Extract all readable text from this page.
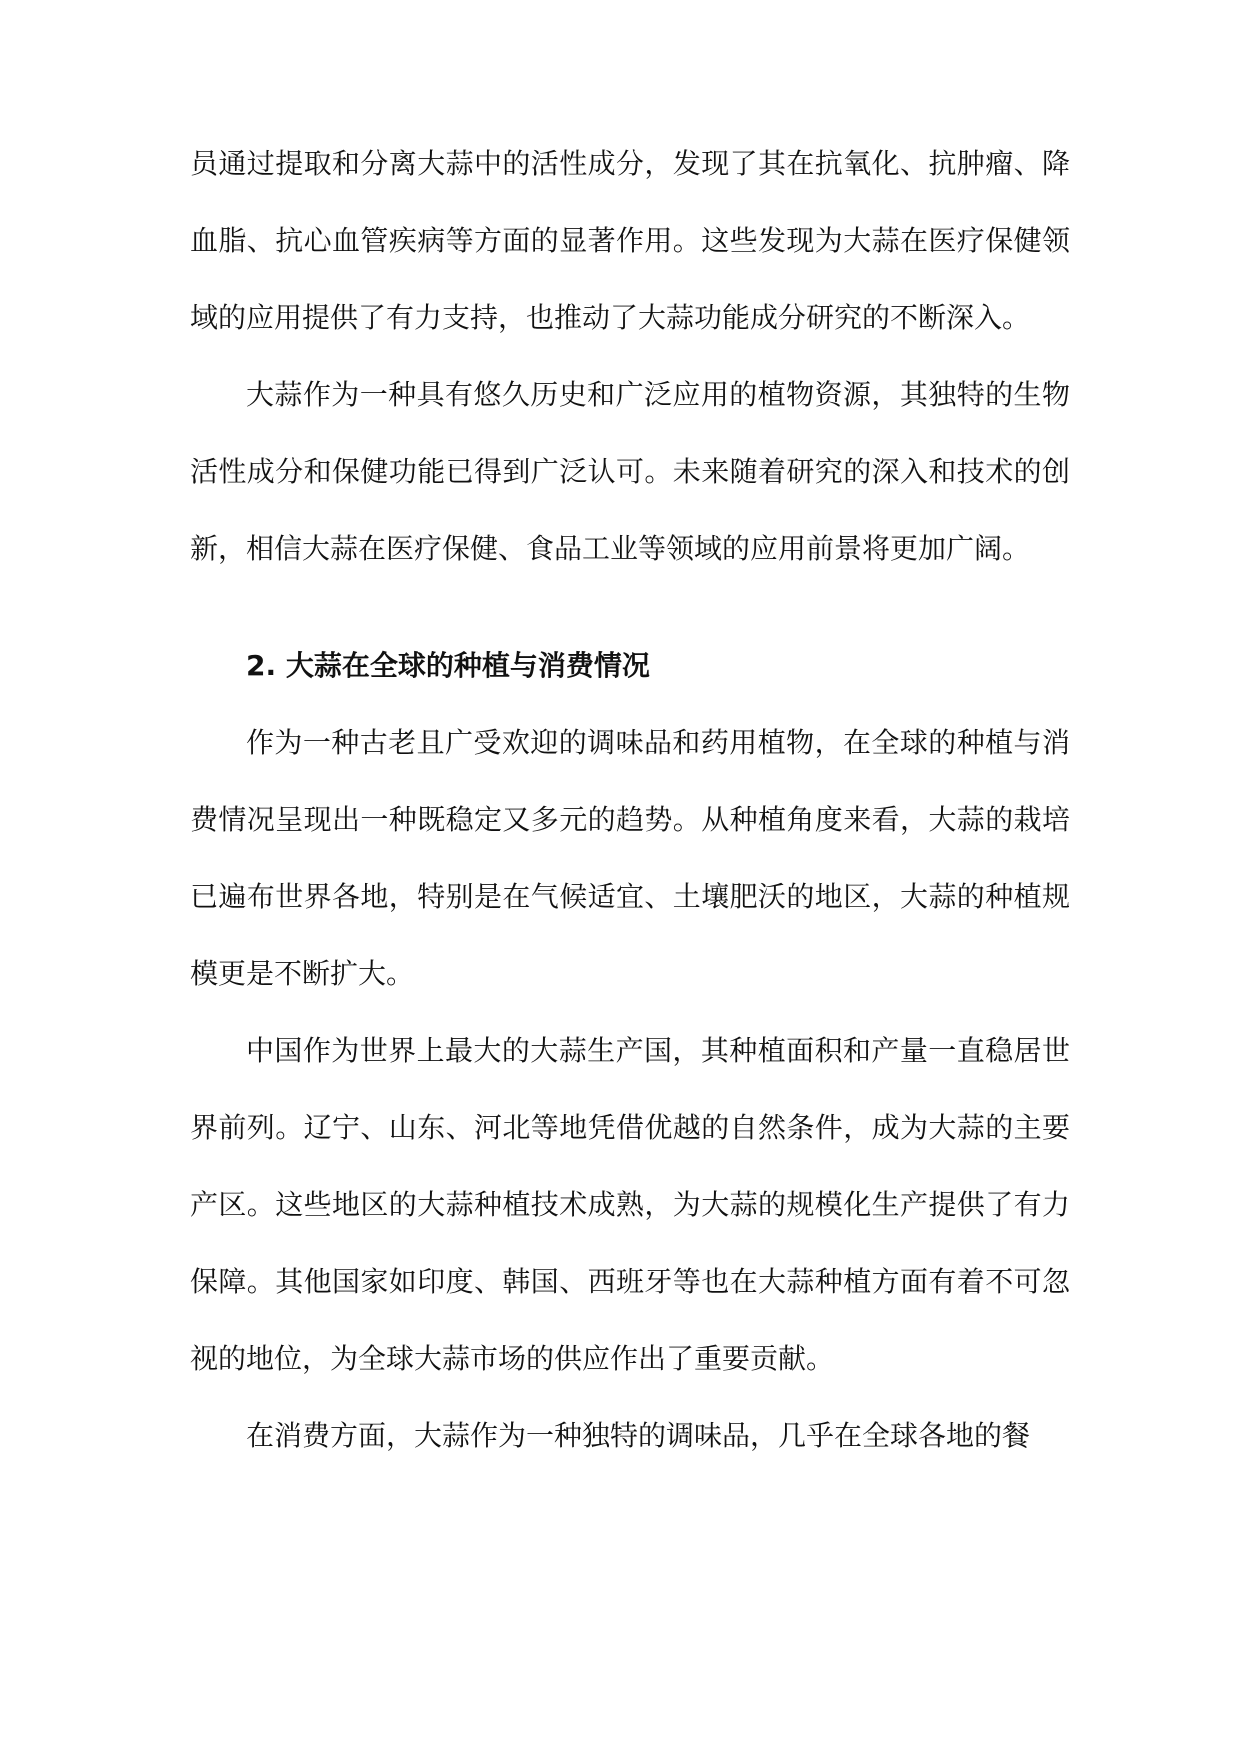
员通过提取和分离大蒜中的活性成分，发现了其在抗氧化、抗肿瘤、降血脂、抗心血管疾病等方面的显著作用。这些发现为大蒜在医疗保健领域的应用提供了有力支持，也推动了大蒜功能成分研究的不断深入。

大蒜作为一种具有悠久历史和广泛应用的植物资源，其独特的生物活性成分和保健功能已得到广泛认可。未来随着研究的深入和技术的创新，相信大蒜在医疗保健、食品工业等领域的应用前景将更加广阔。

2. 大蒜在全球的种植与消费情况

作为一种古老且广受欢迎的调味品和药用植物，在全球的种植与消费情况呈现出一种既稳定又多元的趋势。从种植角度来看，大蒜的栽培已遍布世界各地，特别是在气候适宜、土壤肥沃的地区，大蒜的种植规模更是不断扩大。

中国作为世界上最大的大蒜生产国，其种植面积和产量一直稳居世界前列。辽宁、山东、河北等地凭借优越的自然条件，成为大蒜的主要产区。这些地区的大蒜种植技术成熟，为大蒜的规模化生产提供了有力保障。其他国家如印度、韩国、西班牙等也在大蒜种植方面有着不可忽视的地位，为全球大蒜市场的供应作出了重要贡献。

在消费方面，大蒜作为一种独特的调味品，几乎在全球各地的餐
